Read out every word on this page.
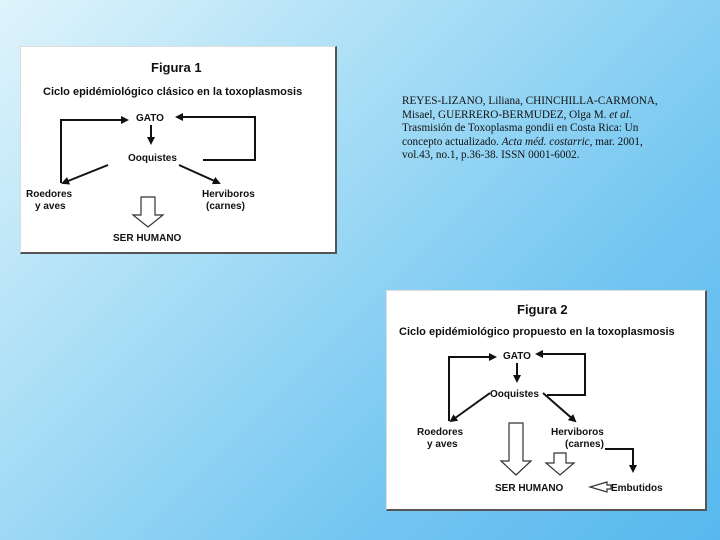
Figura 1
Ciclo epidémiológico clásico en la toxoplasmosis
GATO
Ooquistes
Roedores
y aves
Herviboros
(carnes)
SER HUMANO

REYES-LIZANO, Liliana, CHINCHILLA-CARMONA, Misael, GUERRERO-BERMUDEZ, Olga M. et al. Trasmisión de Toxoplasma gondii en Costa Rica: Un concepto actualizado. Acta méd. costarric, mar. 2001, vol.43, no.1, p.36-38. ISSN 0001-6002.

Figura 2
Ciclo epidémiológico propuesto en la toxoplasmosis
GATO
Ooquistes
Roedores
y aves
Herviboros
(carnes)
SER HUMANO	Embutidos
